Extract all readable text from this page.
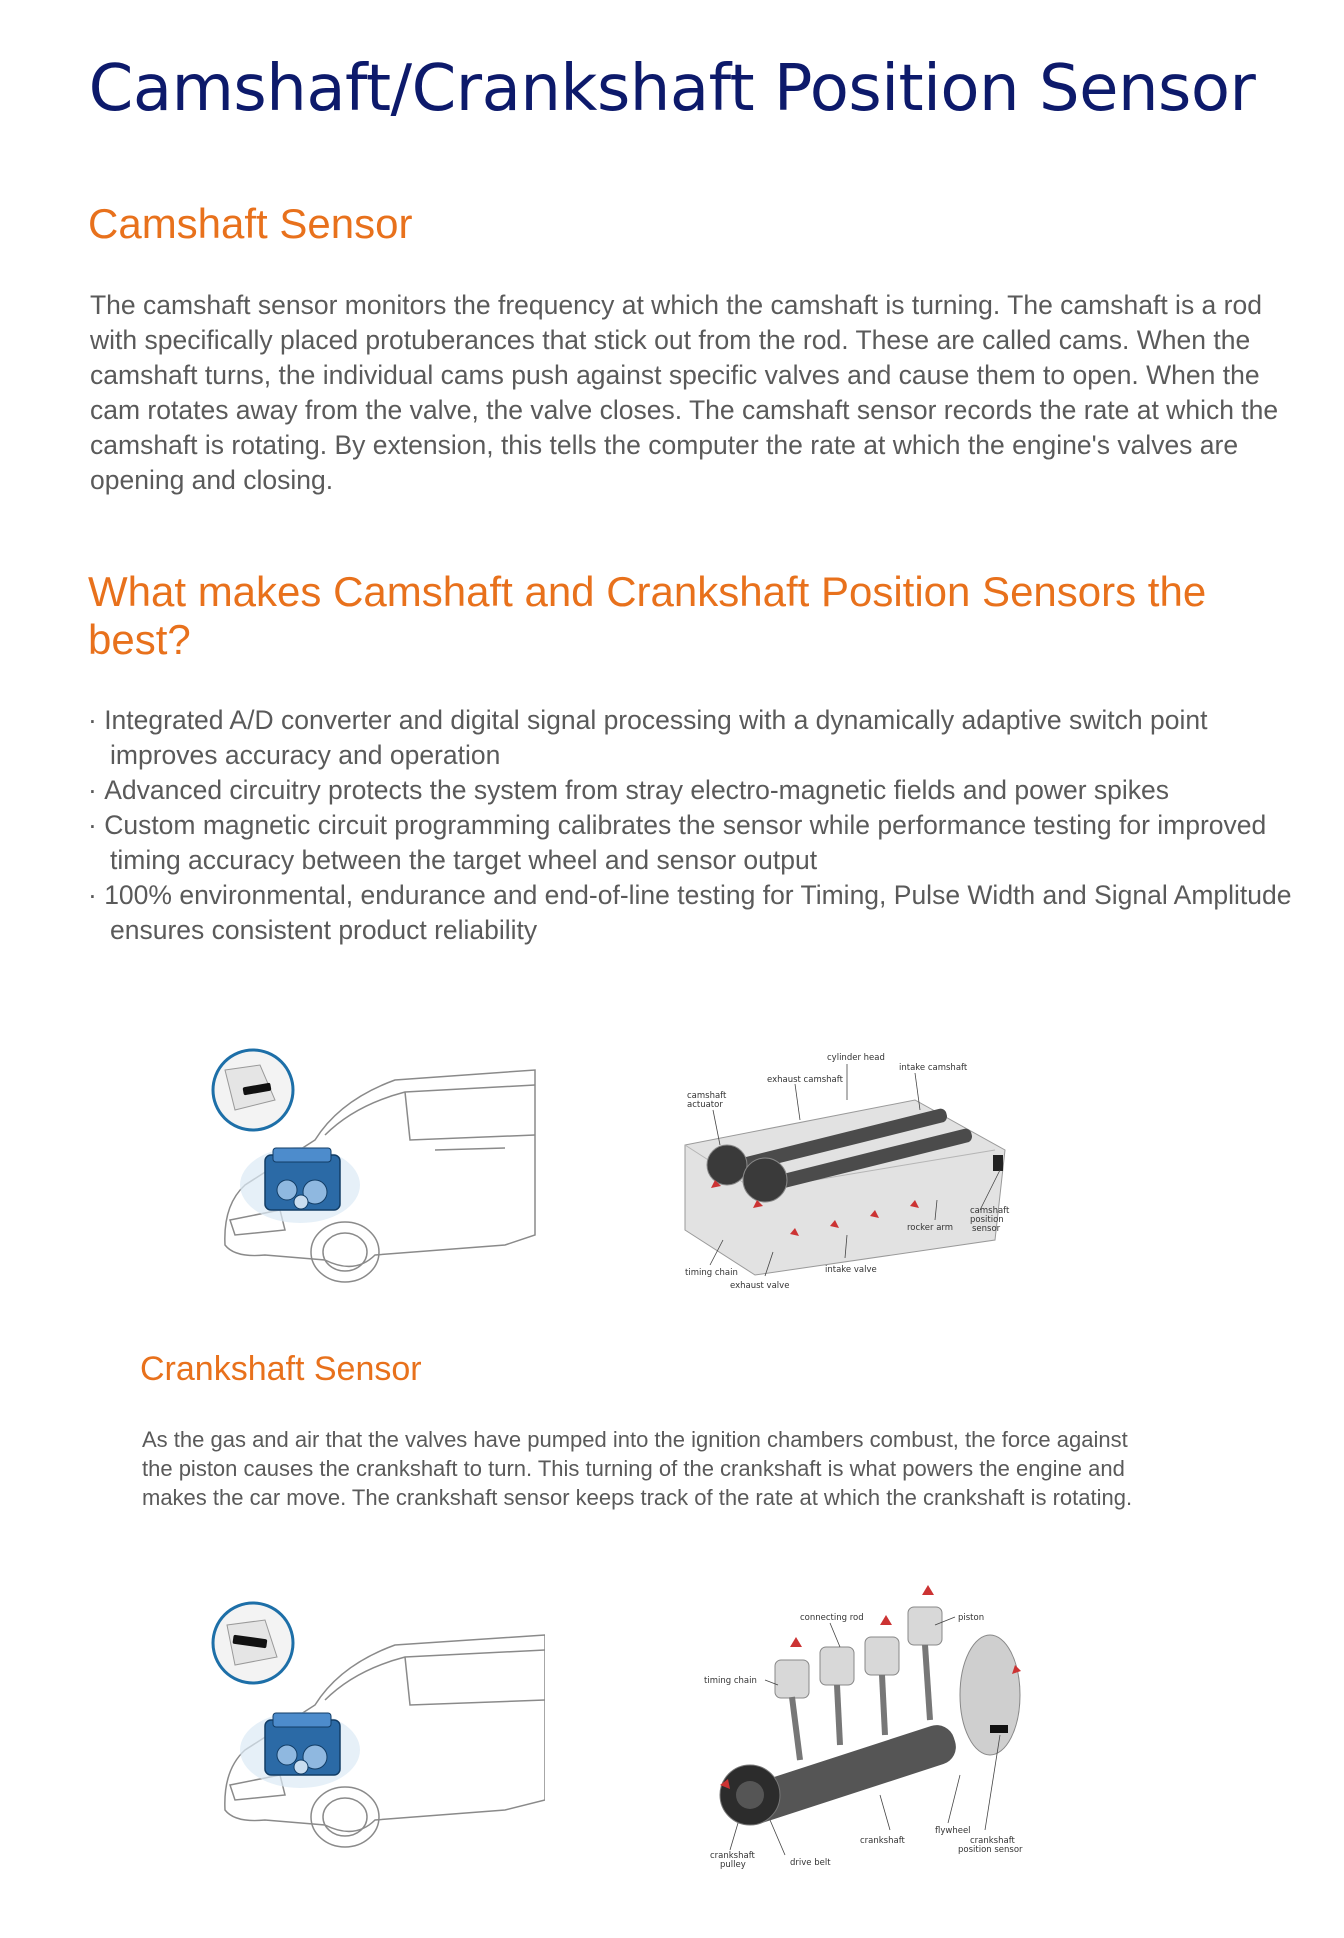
Camshaft/Crankshaft Position Sensor
Camshaft Sensor

The camshaft sensor monitors the frequency at which the camshaft is turning. The camshaft is a rod with specifically placed protuberances that stick out from the rod. These are called cams. When the camshaft turns, the individual cams push against specific valves and cause them to open. When the cam rotates away from the valve, the valve closes. The camshaft sensor records the rate at which the camshaft is rotating. By extension, this tells the computer the rate at which the engine's valves are opening and closing.

What makes Camshaft and Crankshaft Position Sensors the best?
· Integrated A/D converter and digital signal processing with a dynamically adaptive switch point improves accuracy and operation
· Advanced circuitry protects the system from stray electro-magnetic fields and power spikes
· Custom magnetic circuit programming calibrates the sensor while performance testing for improved timing accuracy between the target wheel and sensor output
· 100% environmental, endurance and end-of-line testing for Timing, Pulse Width and Signal Amplitude ensures consistent product reliability
cylinder head
intake camshaft
exhaust camshaft
camshaft
actuator
camshaft
position
sensor
rocker arm
timing chain	intake valve
exhaust valve
Crankshaft Sensor

As the gas and air that the valves have pumped into the ignition chambers combust, the force against the piston causes the crankshaft to turn. This turning of the crankshaft is what powers the engine and makes the car move. The crankshaft sensor keeps track of the rate at which the crankshaft is rotating.

connecting rod	piston
timing chain
flywheel
crankshaft	crankshaft
position sensor
crankshaft
pulley	drive belt
